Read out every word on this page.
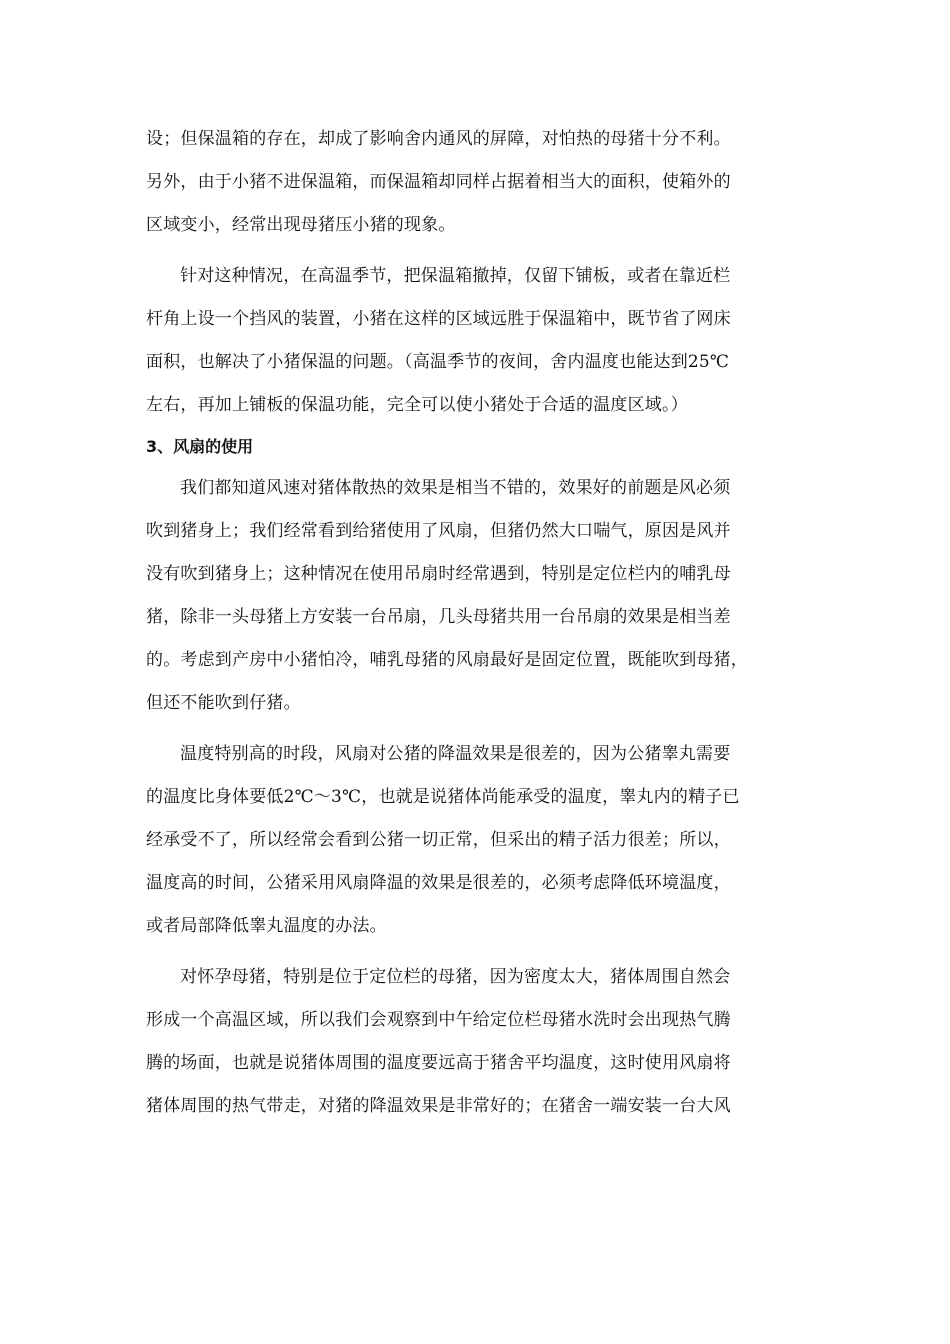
设；但保温箱的存在，却成了影响舍内通风的屏障，对怕热的母猪十分不利。
另外，由于小猪不进保温箱，而保温箱却同样占据着相当大的面积，使箱外的
区域变小，经常出现母猪压小猪的现象。
针对这种情况，在高温季节，把保温箱撤掉，仅留下铺板，或者在靠近栏
杆角上设一个挡风的装置，小猪在这样的区域远胜于保温箱中，既节省了网床
面积，也解决了小猪保温的问题。（高温季节的夜间，舍内温度也能达到25℃
左右，再加上铺板的保温功能，完全可以使小猪处于合适的温度区域。）
3、风扇的使用
我们都知道风速对猪体散热的效果是相当不错的，效果好的前题是风必须
吹到猪身上；我们经常看到给猪使用了风扇，但猪仍然大口喘气，原因是风并
没有吹到猪身上；这种情况在使用吊扇时经常遇到，特别是定位栏内的哺乳母
猪，除非一头母猪上方安装一台吊扇，几头母猪共用一台吊扇的效果是相当差
的。考虑到产房中小猪怕冷，哺乳母猪的风扇最好是固定位置，既能吹到母猪，
但还不能吹到仔猪。
温度特别高的时段，风扇对公猪的降温效果是很差的，因为公猪睾丸需要
的温度比身体要低2℃～3℃，也就是说猪体尚能承受的温度，睾丸内的精子已
经承受不了，所以经常会看到公猪一切正常，但采出的精子活力很差；所以，
温度高的时间，公猪采用风扇降温的效果是很差的，必须考虑降低环境温度，
或者局部降低睾丸温度的办法。
对怀孕母猪，特别是位于定位栏的母猪，因为密度太大，猪体周围自然会
形成一个高温区域，所以我们会观察到中午给定位栏母猪水洗时会出现热气腾
腾的场面，也就是说猪体周围的温度要远高于猪舍平均温度，这时使用风扇将
猪体周围的热气带走，对猪的降温效果是非常好的；在猪舍一端安装一台大风
